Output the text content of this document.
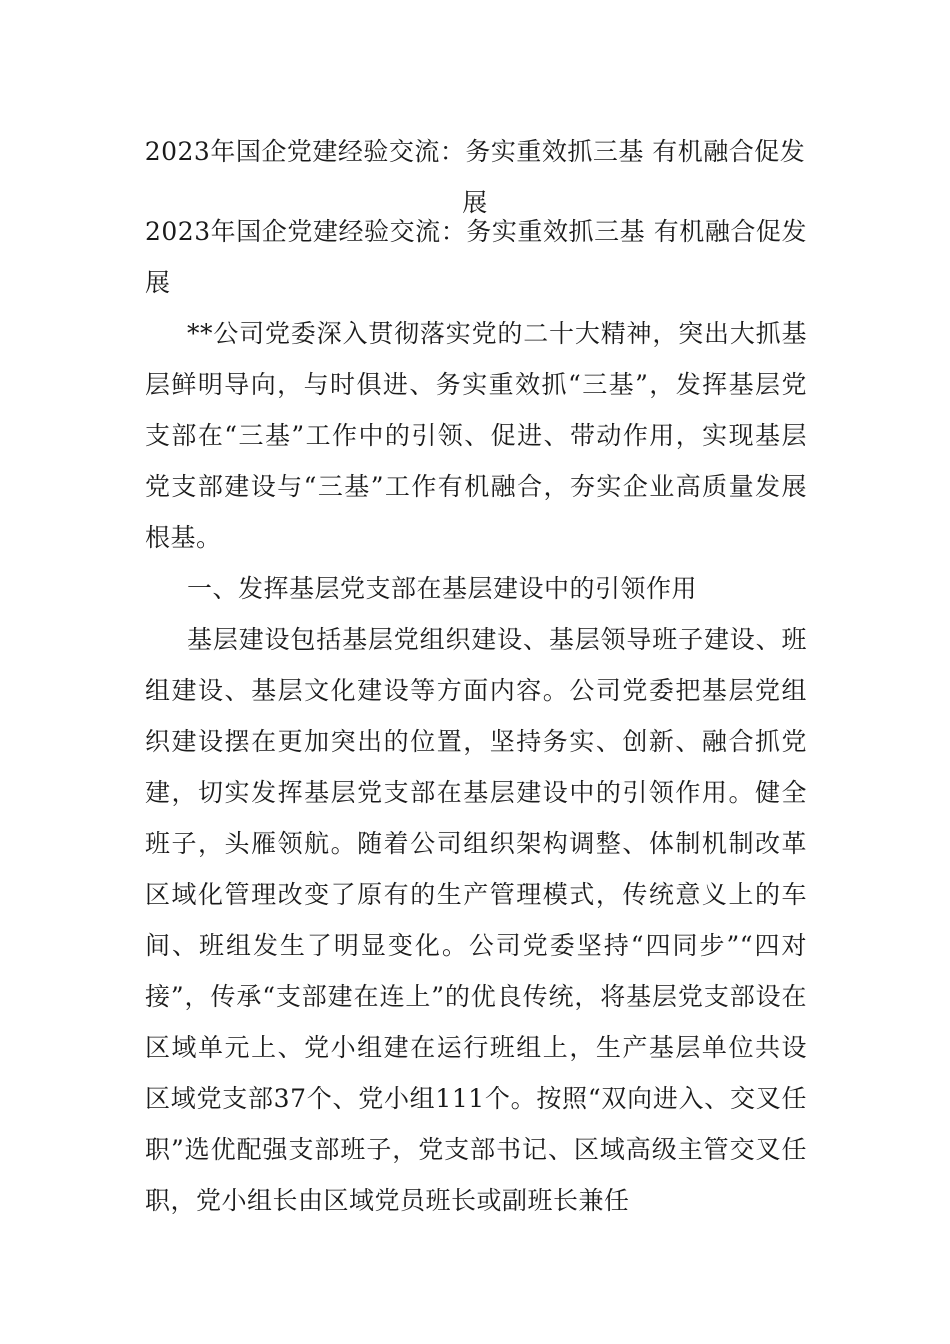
2023年国企党建经验交流：务实重效抓三基 有机融合促发展

2023年国企党建经验交流：务实重效抓三基 有机融合促发展

**公司党委深入贯彻落实党的二十大精神，突出大抓基层鲜明导向，与时俱进、务实重效抓“三基”，发挥基层党支部在“三基”工作中的引领、促进、带动作用，实现基层党支部建设与“三基”工作有机融合，夯实企业高质量发展根基。

一、发挥基层党支部在基层建设中的引领作用

基层建设包括基层党组织建设、基层领导班子建设、班组建设、基层文化建设等方面内容。公司党委把基层党组织建设摆在更加突出的位置，坚持务实、创新、融合抓党建，切实发挥基层党支部在基层建设中的引领作用。健全班子，头雁领航。随着公司组织架构调整、体制机制改革区域化管理改变了原有的生产管理模式，传统意义上的车间、班组发生了明显变化。公司党委坚持“四同步”“四对接”，传承“支部建在连上”的优良传统，将基层党支部设在区域单元上、党小组建在运行班组上，生产基层单位共设区域党支部37个、党小组111个。按照“双向进入、交叉任职”选优配强支部班子，党支部书记、区域高级主管交叉任职，党小组长由区域党员班长或副班长兼任
